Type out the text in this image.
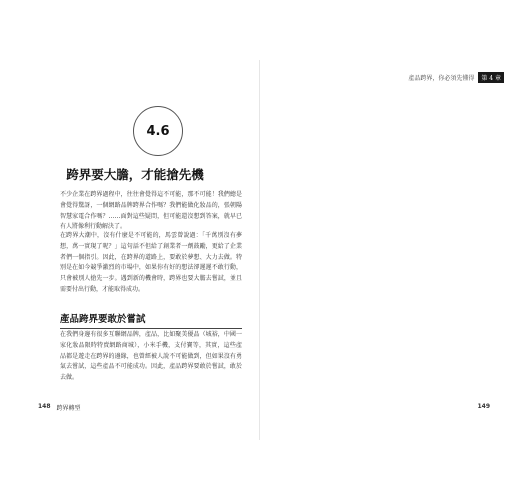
4.6
跨界要大膽，才能搶先機
不少企業在跨界過程中，往往會覺得這不可能，那不可能！我們總是會覺得驚訝，一個網路品牌跨界合作嗎？我們能做化妝品的，張朝陽智慧家電合作嗎？……面對這些疑問，但可能還沒想到答案，就早已有人將像利行動解決了。
在跨界大潮中，沒有什麼是不可能的，馬雲曾說過：「千萬別沒有夢想，萬一實現了呢？」這句話不但給了創業者一劑鼓勵，更給了企業者們一個指引。因此，在跨界的道路上，要敢於夢想、大力去做。特別是在如今競爭激烈的市場中，如果你有好的想法卻遲遲不敢行動，只會被別人搶先一步。遇到新的機會時，跨界也要大膽去嘗試，並且需要付出行動，才能取得成功。
產品跨界要敢於嘗試
在我們身邊有很多互聯網品牌，產品，比如聚美優品（城裕，中國一家化妝品限時特賣網路商城），小米手機，支付寶等，其實，這些產品都是遊走在跨界的邊緣，也曾經被人說不可能做到，但如果沒有勇氣去嘗試，這些產品不可能成功。因此，產品跨界要敢於嘗試，敢於去做。
148 跨界轉型
產品跨界，你必須先懂得	第 4 章
149
